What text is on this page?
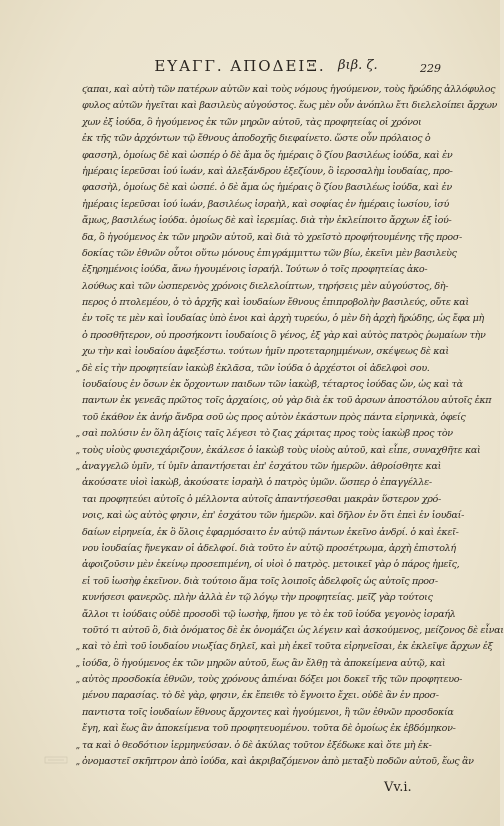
ΕΥΑΓΓ. ΑΠΟΔΕΙΞ. βιβ. ζ.	229
ϛαπαι, καὶ αὐτὴ τῶν πατέρων αὐτῶν καὶ τοὺς νόμους ἡγούμενον, τοὺς ἤρώδης ἀλλόφυλος
φυλος αὐτῶν ἡγεῖται καὶ βασιλεὺς αὐγούστος. ἕως μὲν οὖν ἀνόπλω ἔτι διελελοίπει ἄρχων
χων ἐξ ἰούδα, ὃ ἡγούμενος ἐκ τῶν μηρῶν αὐτοῦ, τὰς προφητείας οἱ χρόνοι
ἐκ τῆς τῶν ἀρχόντων τῷ ἔθνους ἀποδοχῆς διεφαίνετο. ὥστε οὖν πρόλαιος ὁ
φασσηλ, ὁμοίως δὲ καὶ ὡσπέρ ὁ δὲ ἄμα ὅς ἡμέραις ὃ ζίου βασιλέως ἰούδα, καὶ ἐν
ἡμέραις ἱερεῦσαι ἰού ἰωάν, καὶ ἀλεξάνδρου ἐξεζίουν, ὃ ἰεροσαλὴμ ἰουδαίας, προ-
φασσὴλ, ὁμοίως δὲ καὶ ὡσπέ. ὁ δὲ ἄμα ὡς ἡμέραις ὃ ζίου βασιλέως ἰούδα, καὶ ἐν
ἡμέραις ἱερεῦσαι ἰού ἰωάν, βασιλέως ἰσραὴλ, καὶ σοφίας ἐν ἡμέραις ἰωσίου, ἰσύ
ἄμως, βασιλέως ἰούδα. ὁμοίως δὲ καὶ ἱερεμίας. διὰ τὴν ἐκλείποιτο ἄρχων ἐξ ἰού-
δα, ὃ ἡγούμενος ἐκ τῶν μηρῶν αὐτοῦ, καὶ διὰ τὸ χρεῖστὸ προφήτουμένης τῆς προσ-
δοκίας τῶν ἐθνῶν οὗτοι οὕτω μόνους ἐπιγράμμιττω τῶν βίω, ἐκεῖνι μὲν βασιλεὺς
ἐξηρημένοις ἰούδα, ἄνω ἡγουμένοις ἰσραήλ. Ἰούτων ὁ τοῖς προφητείας ἀκο-
λούθως καὶ τῶν ὡσπερενὸς χρόνοις διελελοίπτων, τηρήσεις μὲν αὐγούστος, δὴ-
περος ὁ πτολεμέου, ὁ τὸ ἀρχῆς καὶ ἰουδαίων ἔθνους ἐπιπροβολὴν βασιλεύς, οὔτε καὶ
ἐν τοῖς τε μὲν καὶ ἰουδαίας ὑπὸ ἑνοι καὶ ἀρχὴ τυρεύω, ὁ μὲν δὴ ἀρχὴ ἤρώδης, ὡς ἔφα μὴ
ὁ προσθῆτερον, οὐ προσήκοντι ἰουδαίοις ὃ γένος, ἐξ γὰρ καὶ αὐτὸς πατρὸς ῥωμαίων τὴν
χω τὴν καὶ ἰουδαίου ἀφεξέστω. τούτων ἡμῖν προτεταρημμένων, σκέψεως δὲ καὶ
„ δὲ εἰς τὴν προφητείαν ἰακὼβ ἐκλᾶσα, τῶν ἰούδα ὁ ἀρχέστοι οἱ ἀδελφοὶ σου.
ἰουδαίους ἐν ὄσων ἐκ ὄρχοντων παιδων τῶν ἰακὼβ, τέταρτος ἰούδας ὤν, ὡς καὶ τὰ
παντων ἐκ γενεᾶς πρῶτος τοῖς ἀρχαίοις, οὐ γὰρ διὰ ἐκ τοῦ ἀρσων ἀποστόλου αὐτοῖς ἐκπ
τοῦ ἐκάθον ἐκ ἀνήρ ἄνδρα σοῦ ὡς προς αὐτὸν ἐκάστων πρὸς πάντα εἰρηνικὰ, ὁφείς
„ σαὶ πολύσιν ἐν ὅλη ἀξίοις ταῖς λέγεσι τὸ ζιας χάριτας προς τοὺς ἰακὼβ προς τὸν
„ τοὺς υἱοὺς φυσιεχάριζουν, ἐκάλεσε ὁ ἰακὼβ τοὺς υἱοὺς αὐτοῦ, καὶ εἶπε, συναχθῆτε καὶ
„ ἀναγγελῶ ὑμῖν, τί ὑμῖν ἀπαντήσεται ἐπ' ἐσχάτου τῶν ἡμερῶν. ἀθροίσθητε καὶ
ἀκούσατε υἱοὶ ἰακὼβ, ἀκούσατε ἰσραὴλ ὁ πατρὸς ὑμῶν. ὥσπερ ὁ ἐπαγγέλλε-
ται προφητεύει αὐτοῖς ὁ μέλλοντα αὐτοῖς ἀπαντήσεσθαι μακρὰν ὕστερον χρό-
νοις, καὶ ὡς αὐτὸς φησιν, ἐπ' ἐσχάτου τῶν ἡμερῶν. καὶ δῆλον ἐν ὅτι ἐπεὶ ἐν ἰουδαί-
δαίων εἰρηνεία, ἐκ ὃ ὅλοις ἐφαρμόσαιτο ἐν αὐτῷ πάντων ἐκεῖνο ἀνδρί. ὁ καὶ ἐκεῖ-
νου ἰουδαίας ἤνεγκαν οἱ ἀδελφοί. διὰ τοῦτο ἐν αὐτῷ προσέτρωμα, ἀρχὴ ἐπιστολή
ἀφοιζοῦσιν μὲν ἐκείνῳ προσεπιμένη, οἱ υἱοὶ ὁ πατρὸς. μετοικεῖ γὰρ ὁ πάρος ἡμεῖς,
εἰ τοῦ ἰωσὴφ ἐκεῖνον. διὰ τούτοιο ἅμα τοῖς λοιποῖς ἀδελφοῖς ὡς αὐτοῖς προσ-
κυνήσεσι φανερῶς. πλὴν ἀλλὰ ἐν τῷ λόγῳ τὴν προφητείας. μεῖζ γὰρ τούτοις
ἄλλοι τι ἰούδαις οὐδὲ προσοδὶ τῷ ἰωσὴφ, ἥπου γε τὸ ἐκ τοῦ ἰούδα γεγονὸς ἰσραήλ
τοῦτό τι αὐτοῦ ὃ, διὰ ὀνόματος δὲ ἐκ ὀνομάζει ὡς λέγειν καὶ ἀσκούμενος, μείζονος δὲ εἶναι
„ καὶ τὸ ἐπὶ τοῦ ἰουδαίου νιωξίας δηλεῖ, καὶ μὴ ἐκεῖ τοῦτα εἰρηνεῖσαι, ἐκ ἐκλεῖψε ἄρχων ἐξ
„ ἰούδα, ὃ ἡγούμενος ἐκ τῶν μηρῶν αὐτοῦ, ἕως ἂν ἔλθῃ τὰ ἀποκείμενα αὐτῷ, καὶ
„ αὐτὸς προσδοκία ἐθνῶν, τοὺς χρόνους ἀπιέναι δόξει μοι δοκεῖ τῆς τῶν προφητευο-
μένου παρασίας. τὸ δὲ γὰρ, φησιν, ἐκ ἔπειθε τὸ ἔγνοιτο ἔχει. οὐδὲ ἂν ἐν προσ-
παντιστα τοῖς ἰουδαίων ἔθνους ἄρχοντες καὶ ἡγούμενοι, ἢ τῶν ἐθνῶν προσδοκία
ἔγη, καὶ ἕως ἂν ἀποκείμενα τοῦ προφητευομένου. τοῦτα δὲ ὁμοίως ἐκ ἑβδόμηκον-
„ τα καὶ ὁ θεοδότιον ἱερμηνεύσαν. ὁ δὲ ἀκύλας τοῦτον ἐξέδωκε καὶ ὅτε μὴ ἐκ-
„ ὀνομαστεῖ σκῆπτρον ἀπὸ ἰούδα, καὶ ἀκριβαζόμενον ἀπὸ μεταξὺ ποδῶν αὐτοῦ, ἕως ἂν
Vv.i.
